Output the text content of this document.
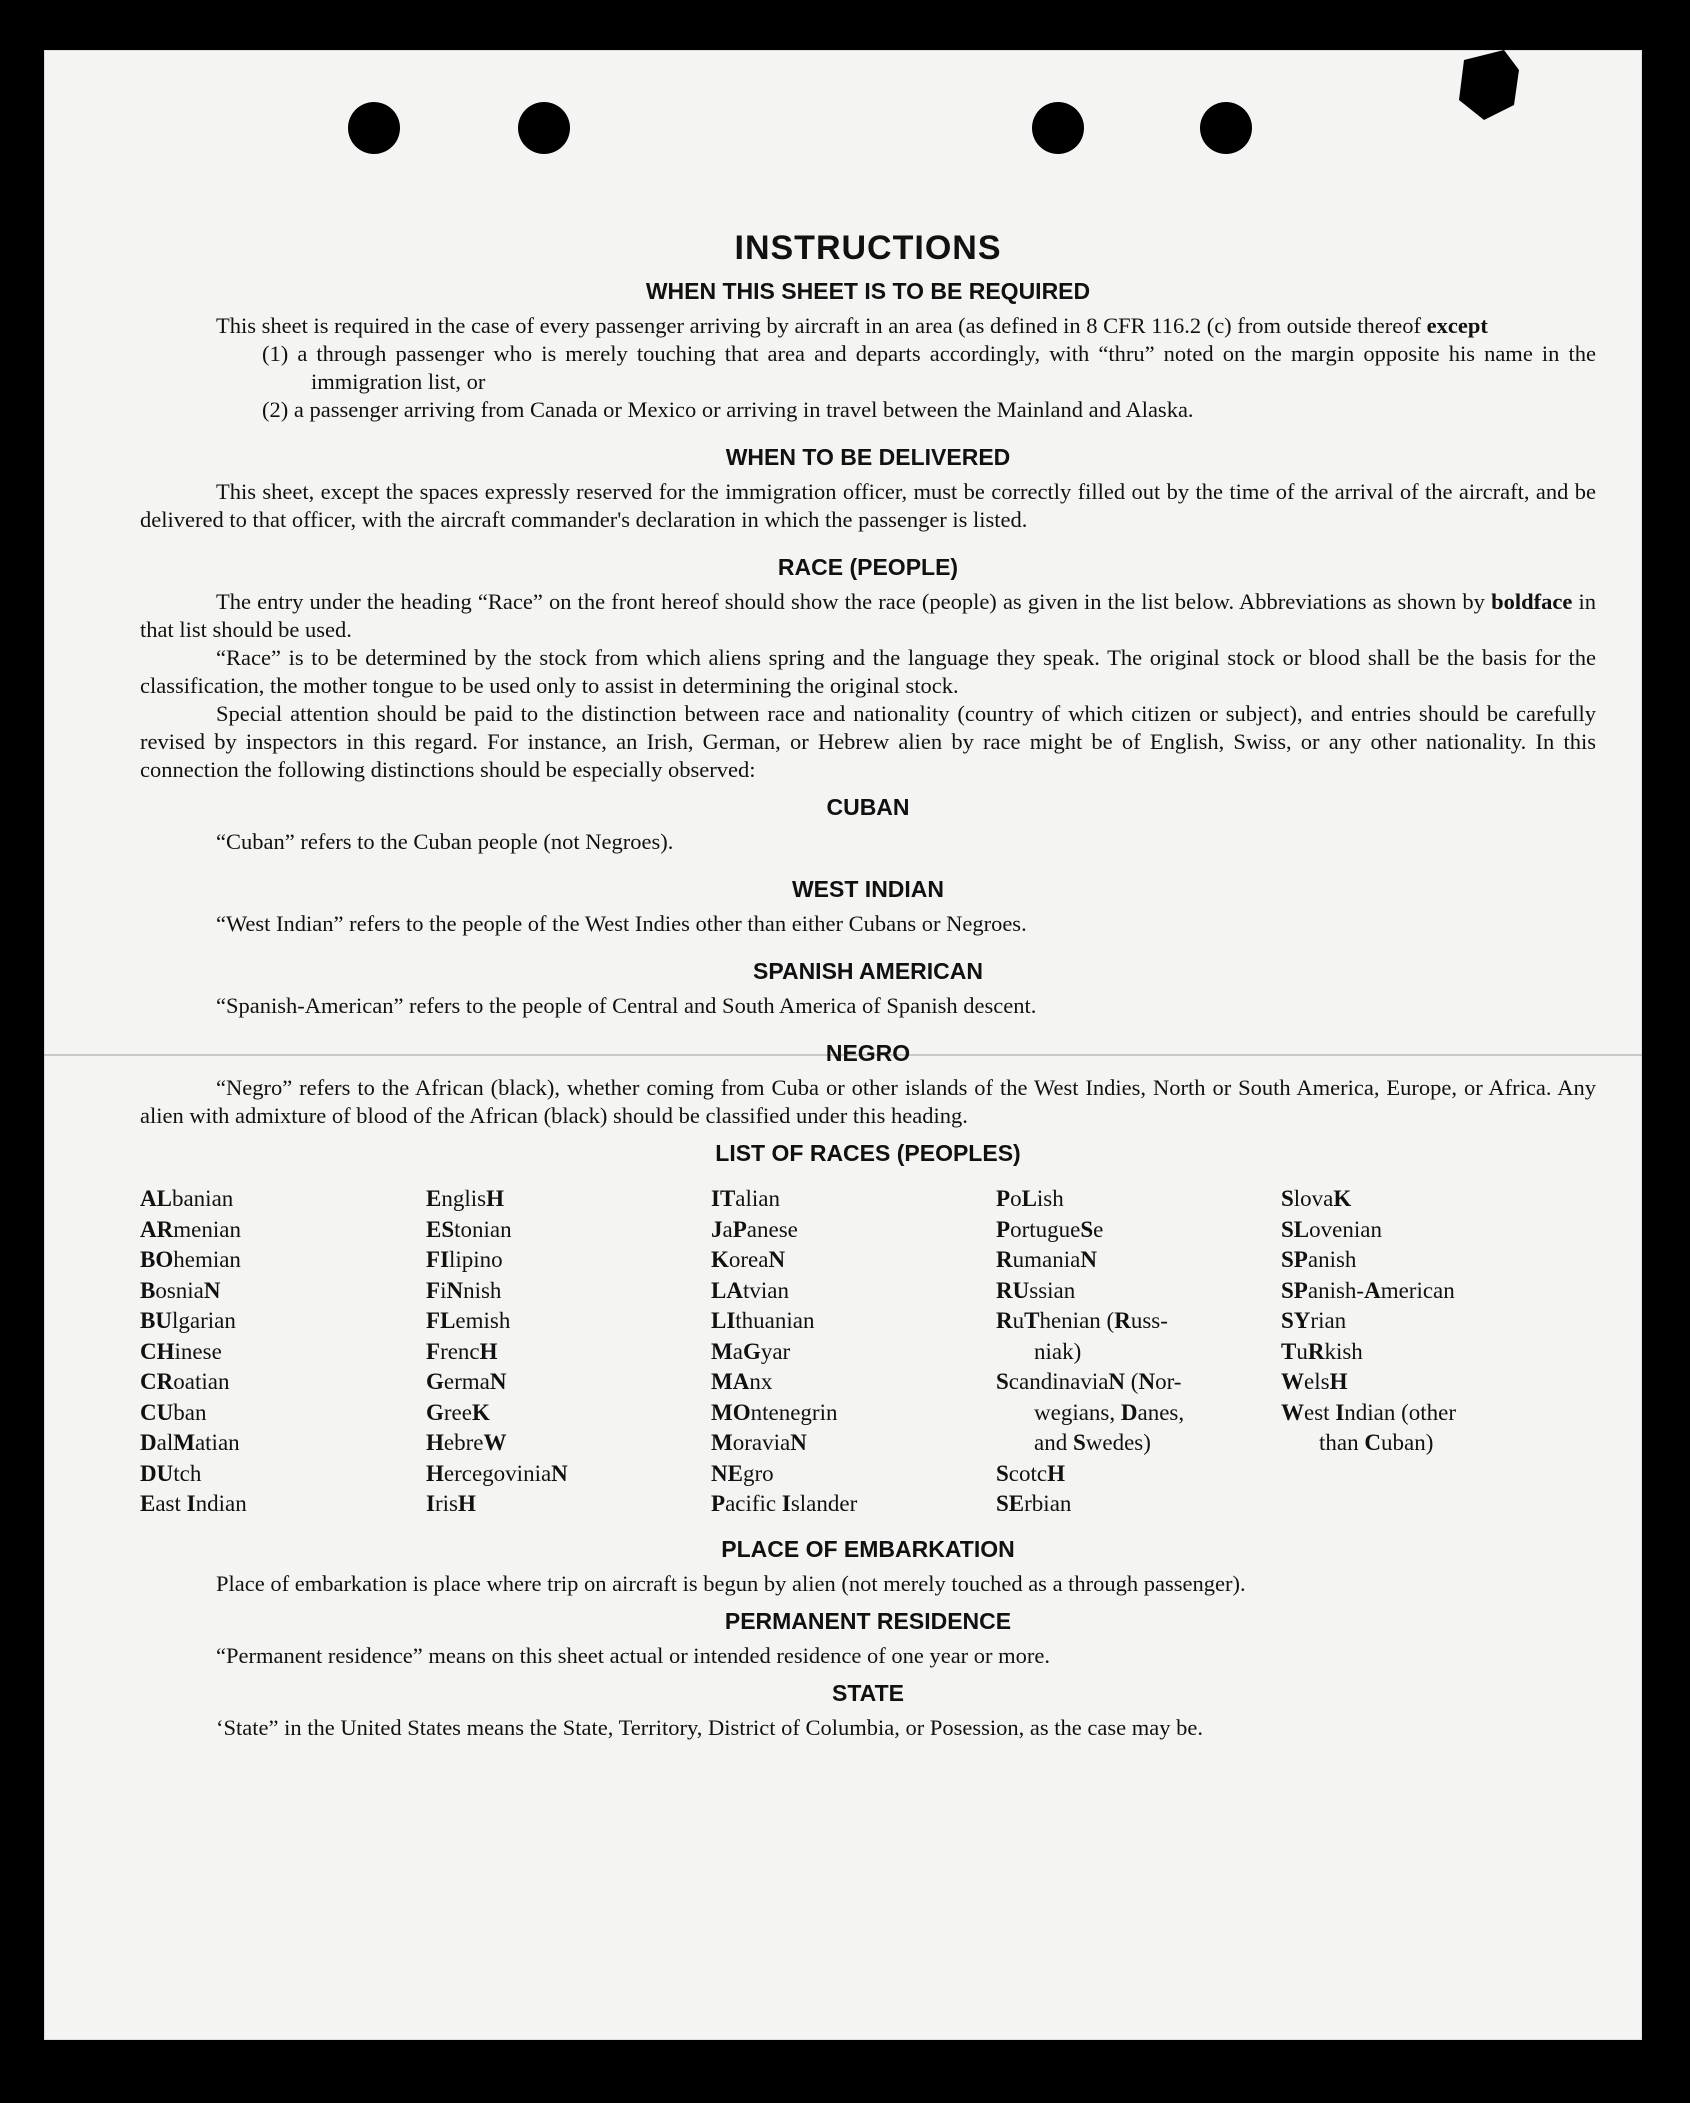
INSTRUCTIONS
WHEN THIS SHEET IS TO BE REQUIRED

This sheet is required in the case of every passenger arriving by aircraft in an area (as defined in 8 CFR 116.2 (c) from outside thereof except

(1) a through passenger who is merely touching that area and departs accordingly, with “thru” noted on the margin opposite his name in the immigration list, or

(2) a passenger arriving from Canada or Mexico or arriving in travel between the Mainland and Alaska.

WHEN TO BE DELIVERED

This sheet, except the spaces expressly reserved for the immigration officer, must be correctly filled out by the time of the arrival of the aircraft, and be delivered to that officer, with the aircraft commander's declaration in which the passenger is listed.

RACE (PEOPLE)

The entry under the heading “Race” on the front hereof should show the race (people) as given in the list below. Abbreviations as shown by boldface in that list should be used.

“Race” is to be determined by the stock from which aliens spring and the language they speak. The original stock or blood shall be the basis for the classification, the mother tongue to be used only to assist in determining the original stock.

Special attention should be paid to the distinction between race and nationality (country of which citizen or subject), and entries should be carefully revised by inspectors in this regard. For instance, an Irish, German, or Hebrew alien by race might be of English, Swiss, or any other nationality. In this connection the following distinctions should be especially observed:

CUBAN

“Cuban” refers to the Cuban people (not Negroes).

WEST INDIAN

“West Indian” refers to the people of the West Indies other than either Cubans or Negroes.

SPANISH AMERICAN

“Spanish-American” refers to the people of Central and South America of Spanish descent.

NEGRO

“Negro” refers to the African (black), whether coming from Cuba or other islands of the West Indies, North or South America, Europe, or Africa. Any alien with admixture of blood of the African (black) should be classified under this heading.

LIST OF RACES (PEOPLES)
ALbanian
ARmenian
BOhemian
BosniaN
BUlgarian
CHinese
CRoatian
CUban
DalMatian
DUtch
East Indian
EnglisH
EStonian
FIlipino
FiNnish
FLemish
FrencH
GermaN
GreeK
HebreW
HercegoviniaN
IrisH
ITalian
JaPanese
KoreaN
LAtvian
LIthuanian
MaGyar
MAnx
MOntenegrin
MoraviaN
NEgro
Pacific Islander
PoLish
PortugueSe
RumaniaN
RUssian
RuThenian (Russ-
niak)
ScandinaviaN (Nor-
wegians, Danes,
and Swedes)
ScotcH
SErbian
SlovaK
SLovenian
SPanish
SPanish-American
SYrian
TuRkish
WelsH
West Indian (other
than Cuban)
PLACE OF EMBARKATION

Place of embarkation is place where trip on aircraft is begun by alien (not merely touched as a through passenger).

PERMANENT RESIDENCE

“Permanent residence” means on this sheet actual or intended residence of one year or more.

STATE

‘State” in the United States means the State, Territory, District of Columbia, or Posession, as the case may be.
